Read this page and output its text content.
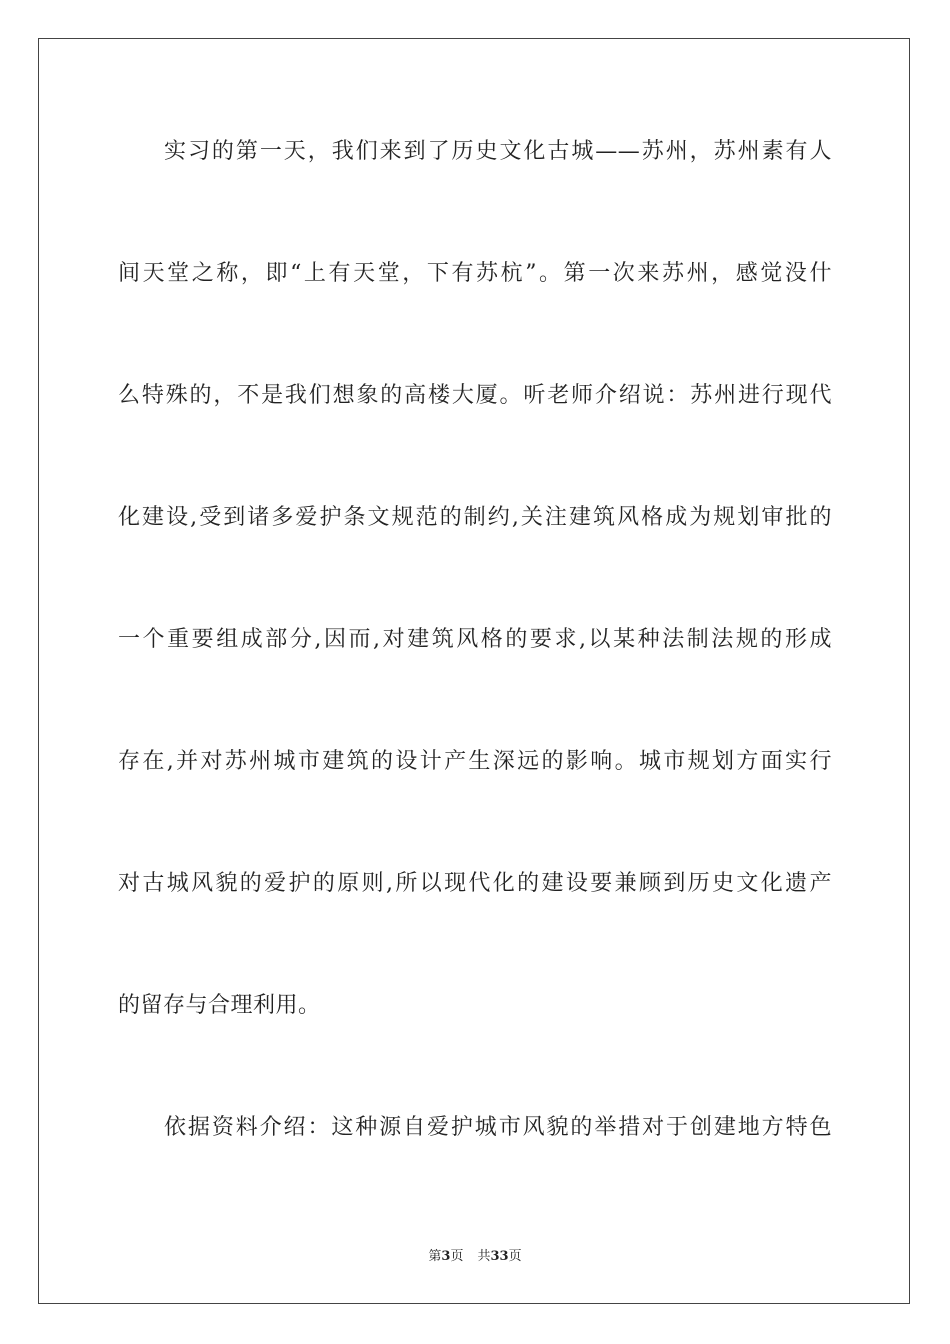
实习的第一天，我们来到了历史文化古城——苏州，苏州素有人
间天堂之称，即“上有天堂，下有苏杭”。第一次来苏州，感觉没什
么特殊的，不是我们想象的高楼大厦。听老师介绍说：苏州进行现代
化建设,受到诸多爱护条文规范的制约,关注建筑风格成为规划审批的
一个重要组成部分,因而,对建筑风格的要求,以某种法制法规的形成
存在,并对苏州城市建筑的设计产生深远的影响。城市规划方面实行
对古城风貌的爱护的原则,所以现代化的建设要兼顾到历史文化遗产
的留存与合理利用。
依据资料介绍：这种源自爱护城市风貌的举措对于创建地方特色
第3页 共33页
